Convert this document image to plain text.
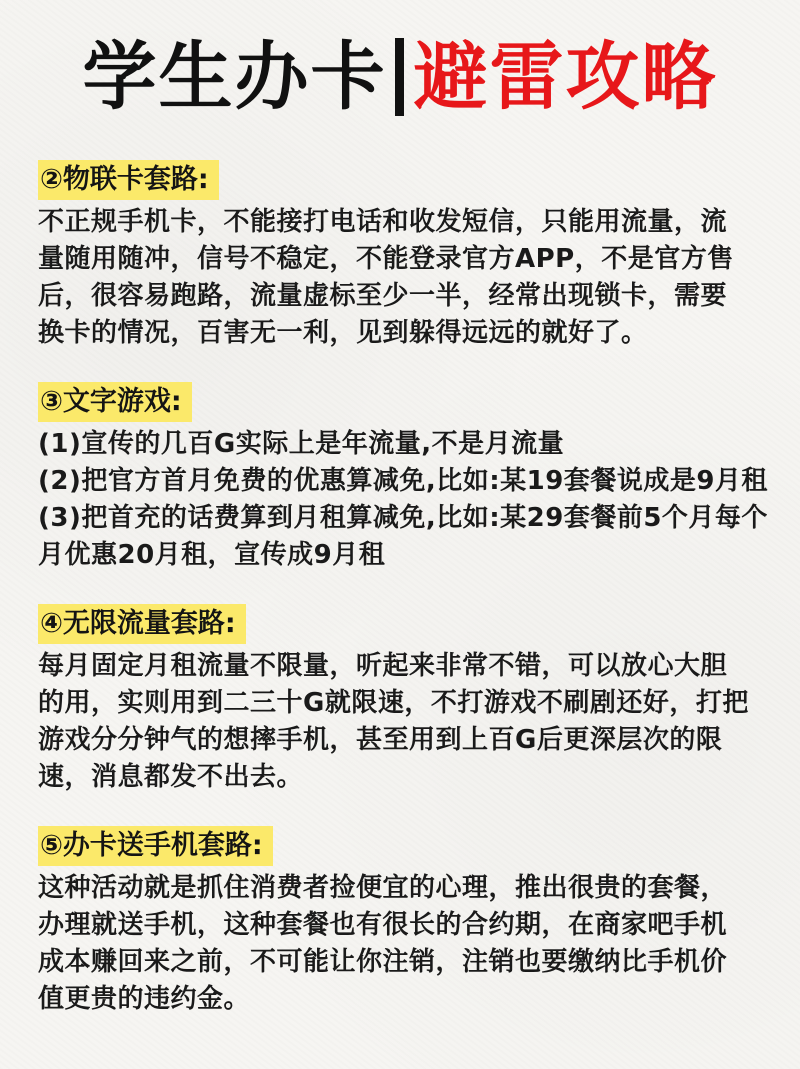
学生办卡 避雷攻略
②物联卡套路:
不正规手机卡，不能接打电话和收发短信，只能用流量，流
量随用随冲，信号不稳定，不能登录官方APP，不是官方售
后，很容易跑路，流量虚标至少一半，经常出现锁卡，需要
换卡的情况，百害无一利，见到躲得远远的就好了。
③文字游戏:
(1)宣传的几百G实际上是年流量,不是月流量
(2)把官方首月免费的优惠算减免,比如:某19套餐说成是9月租
(3)把首充的话费算到月租算减免,比如:某29套餐前5个月每个
月优惠20月租，宣传成9月租
④无限流量套路:
每月固定月租流量不限量，听起来非常不错，可以放心大胆
的用，实则用到二三十G就限速，不打游戏不刷剧还好，打把
游戏分分钟气的想摔手机，甚至用到上百G后更深层次的限
速，消息都发不出去。
⑤办卡送手机套路:
这种活动就是抓住消费者捡便宜的心理，推出很贵的套餐，
办理就送手机，这种套餐也有很长的合约期，在商家吧手机
成本赚回来之前，不可能让你注销，注销也要缴纳比手机价
值更贵的违约金。
